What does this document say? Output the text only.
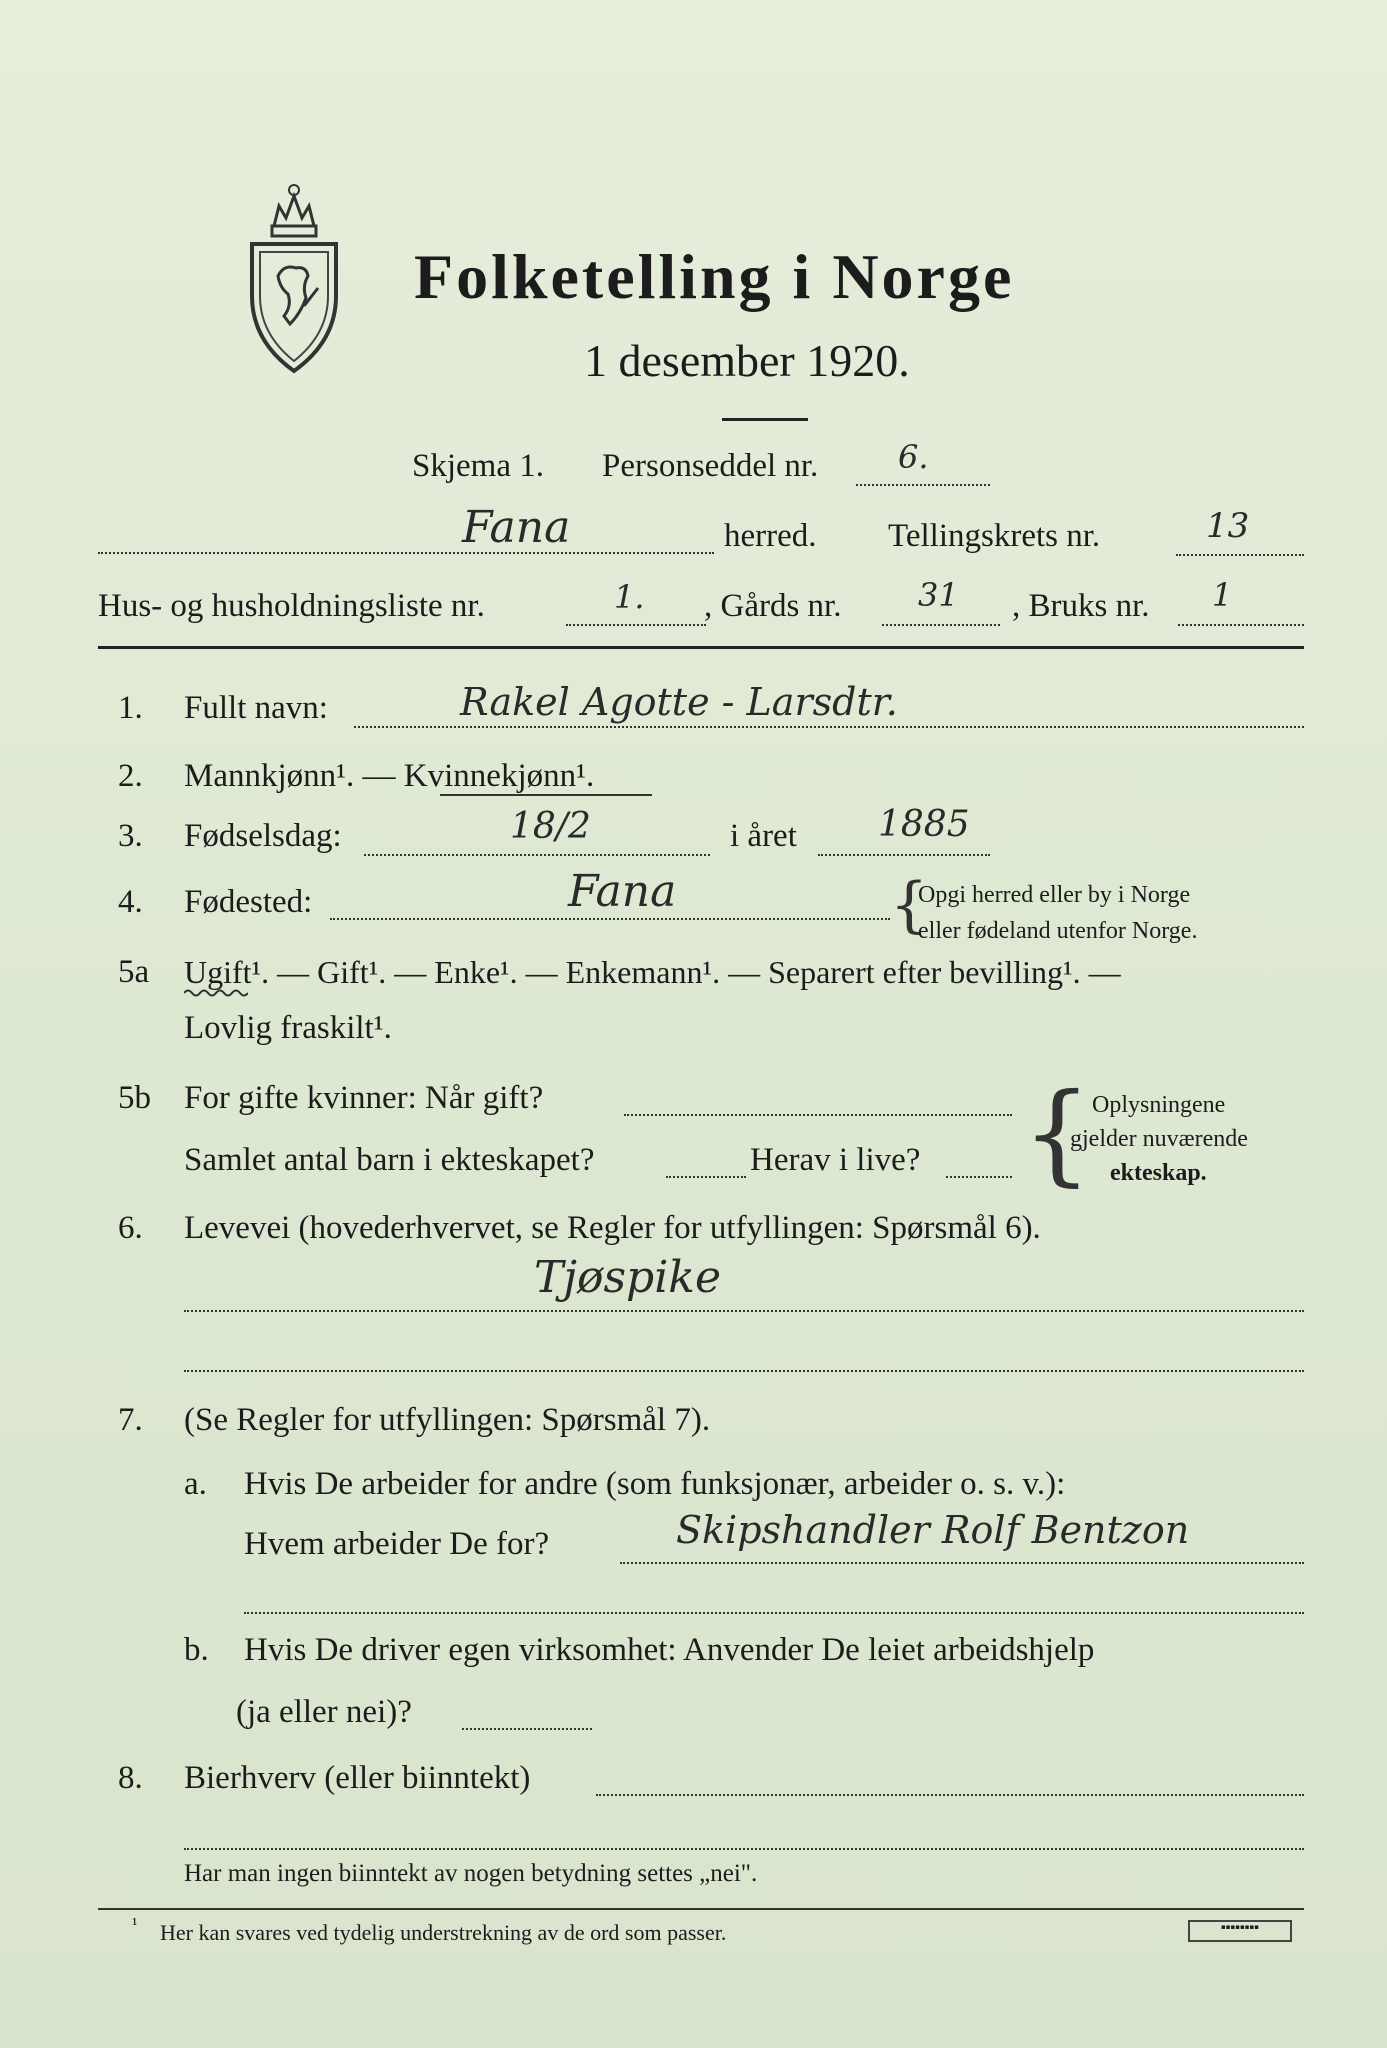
Folketelling i Norge
1 desember 1920.
Skjema 1. Personseddel nr. 6.
Fana	herred. Tellingskrets nr.	13
Hus- og husholdningsliste nr.	1. , Gårds nr. 31 , Bruks nr. 1
1. Fullt navn:	Rakel Agotte - Larsdtr.
2. Mannkjønn¹. — Kvinnekjønn¹.
3. Fødselsdag:	18/2	i året 1885
4. Fødested:	Fana	{
Opgi herred eller by i Norge
eller fødeland utenfor Norge.
5a Ugift¹. — Gift¹. — Enke¹. — Enkemann¹. — Separert efter bevilling¹. —
Lovlig fraskilt¹.
5b For gifte kvinner: Når gift?
Samlet antal barn i ekteskapet?	Herav i live? { Oplysningene
gjelder nuværende
ekteskap.
6. Levevei (hovederhvervet, se Regler for utfyllingen: Spørsmål 6).
Tjøspike
7. (Se Regler for utfyllingen: Spørsmål 7).
a. Hvis De arbeider for andre (som funksjonær, arbeider o. s. v.):
Hvem arbeider De for?	Skipshandler Rolf Bentzon
b. Hvis De driver egen virksomhet: Anvender De leiet arbeidshjelp
(ja eller nei)?
8. Bierhverv (eller biinntekt)
Har man ingen biinntekt av nogen betydning settes „nei".
¹ Her kan svares ved tydelig understrekning av de ord som passer.	▪▪▪▪▪▪▪▪
